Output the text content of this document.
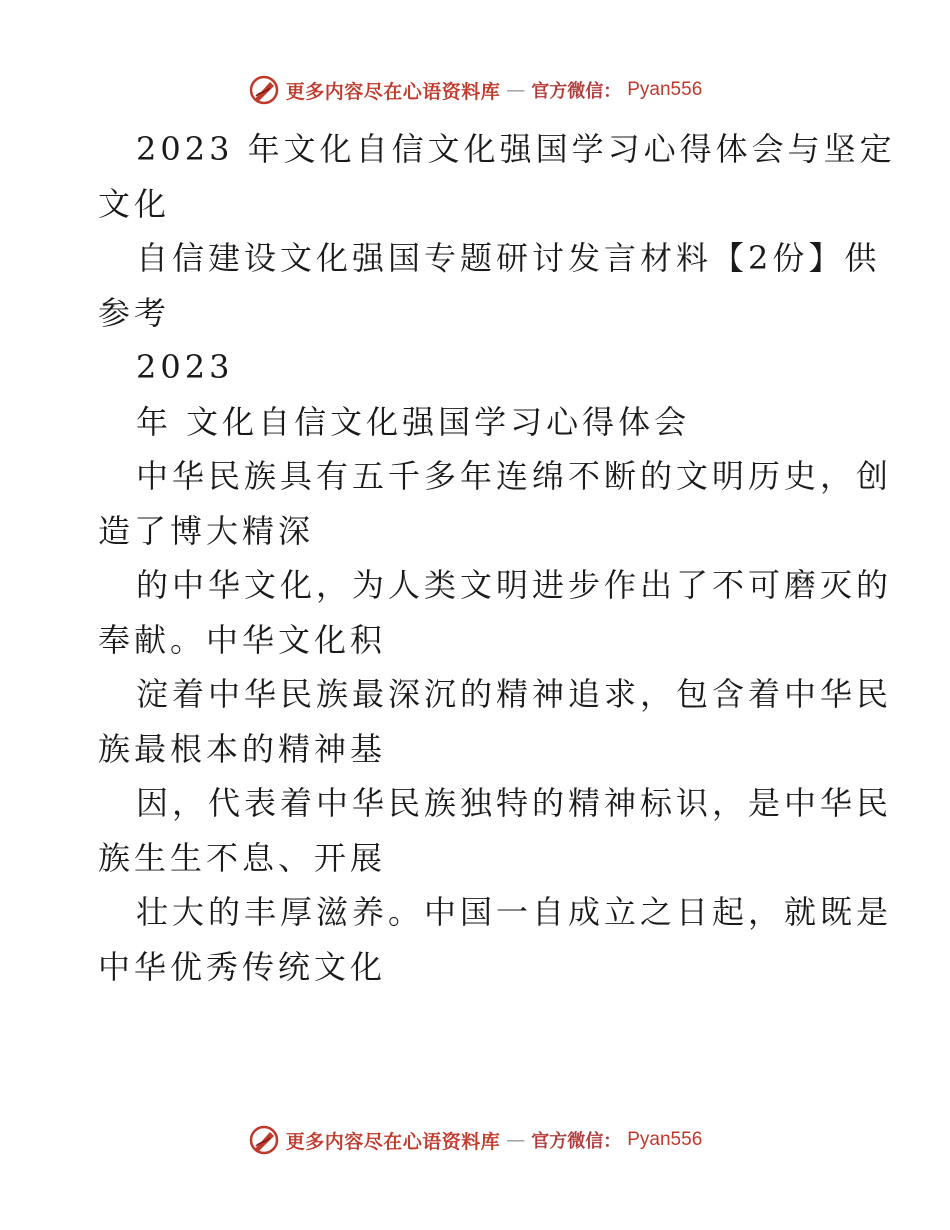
更多内容尽在心语资料库 — 官方微信： Pyan556
2023 年文化自信文化强国学习心得体会与坚定
文化
自信建设文化强国专题研讨发言材料【2份】供
参考
2023
年 文化自信文化强国学习心得体会
中华民族具有五千多年连绵不断的文明历史，创
造了博大精深
的中华文化，为人类文明进步作出了不可磨灭的
奉献。中华文化积
淀着中华民族最深沉的精神追求，包含着中华民
族最根本的精神基
因，代表着中华民族独特的精神标识，是中华民
族生生不息、开展
壮大的丰厚滋养。中国一自成立之日起，就既是
中华优秀传统文化
更多内容尽在心语资料库 — 官方微信： Pyan556
